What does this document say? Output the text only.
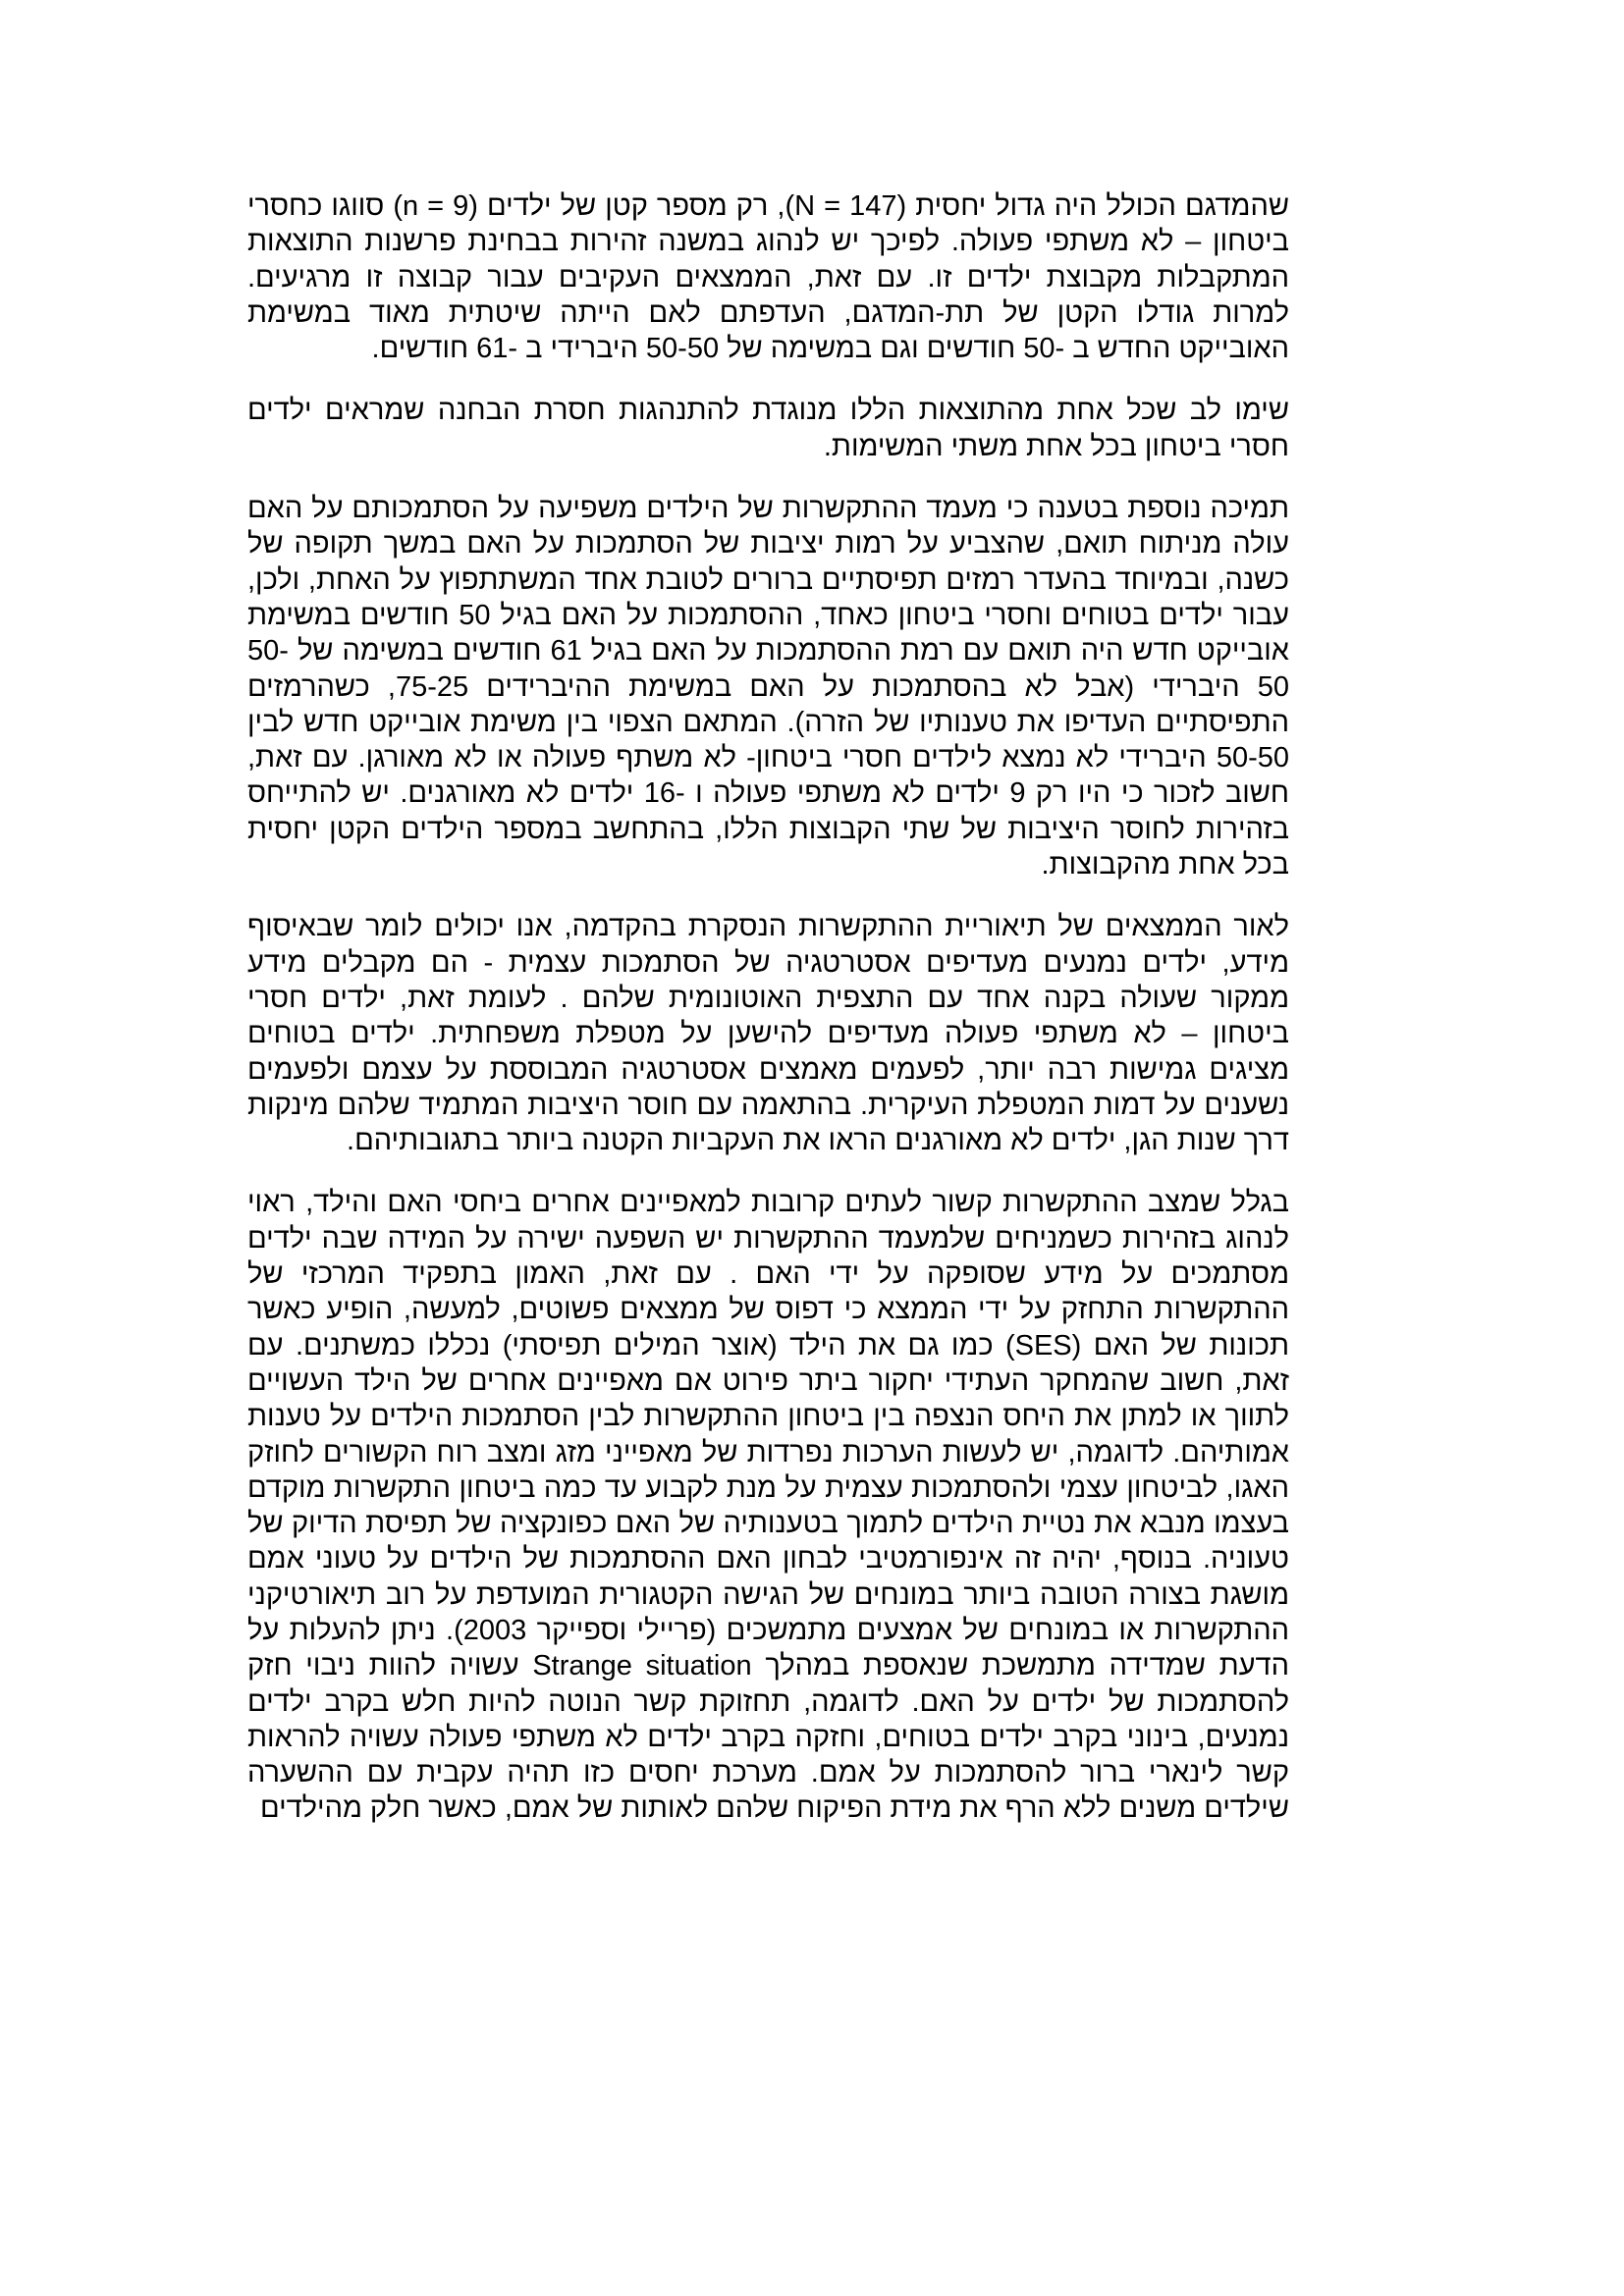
שהמדגם הכולל היה גדול יחסית (N = 147), רק מספר קטן של ילדים (n = 9) סווגו כחסרי ביטחון – לא משתפי פעולה. לפיכך יש לנהוג במשנה זהירות בבחינת פרשנות התוצאות המתקבלות מקבוצת ילדים זו. עם זאת, הממצאים העקיבים עבור קבוצה זו מרגיעים. למרות גודלו הקטן של תת-המדגם, העדפתם לאם הייתה שיטתית מאוד במשימת האובייקט החדש ב -50 חודשים וגם במשימה של 50-50 היברידי ב -61 חודשים.

שימו לב שכל אחת מהתוצאות הללו מנוגדת להתנהגות חסרת הבחנה שמראים ילדים חסרי ביטחון בכל אחת משתי המשימות.

תמיכה נוספת בטענה כי מעמד ההתקשרות של הילדים משפיעה על הסתמכותם על האם עולה מניתוח תואם, שהצביע על רמות יציבות של הסתמכות על האם במשך תקופה של כשנה, ובמיוחד בהעדר רמזים תפיסתיים ברורים לטובת אחד המשתתפוץ על האחת, ולכן, עבור ילדים בטוחים וחסרי ביטחון כאחד, ההסתמכות על האם בגיל 50 חודשים במשימת אובייקט חדש היה תואם עם רמת ההסתמכות על האם בגיל 61 חודשים במשימה של -50 50 היברידי (אבל לא בהסתמכות על האם במשימת ההיברידים 75-25, כשהרמזים התפיסתיים העדיפו את טענותיו של הזרה). המתאם הצפוי בין משימת אובייקט חדש לבין 50-50 היברידי לא נמצא לילדים חסרי ביטחון- לא משתף פעולה או לא מאורגן. עם זאת, חשוב לזכור כי היו רק 9 ילדים לא משתפי פעולה ו -16 ילדים לא מאורגנים. יש להתייחס בזהירות לחוסר היציבות של שתי הקבוצות הללו, בהתחשב במספר הילדים הקטן יחסית בכל אחת מהקבוצות.

לאור הממצאים של תיאוריית ההתקשרות הנסקרת בהקדמה, אנו יכולים לומר שבאיסוף מידע, ילדים נמנעים מעדיפים אסטרטגיה של הסתמכות עצמית - הם מקבלים מידע ממקור שעולה בקנה אחד עם התצפית האוטונומית שלהם . לעומת זאת, ילדים חסרי ביטחון – לא משתפי פעולה מעדיפים להישען על מטפלת משפחתית. ילדים בטוחים מציגים גמישות רבה יותר, לפעמים מאמצים אסטרטגיה המבוססת על עצמם ולפעמים נשענים על דמות המטפלת העיקרית. בהתאמה עם חוסר היציבות המתמיד שלהם מינקות דרך שנות הגן, ילדים לא מאורגנים הראו את העקביות הקטנה ביותר בתגובותיהם.

בגלל שמצב ההתקשרות קשור לעתים קרובות למאפיינים אחרים ביחסי האם והילד, ראוי לנהוג בזהירות כשמניחים שלמעמד ההתקשרות יש השפעה ישירה על המידה שבה ילדים מסתמכים על מידע שסופקה על ידי האם . עם זאת, האמון בתפקיד המרכזי של ההתקשרות התחזק על ידי הממצא כי דפוס של ממצאים פשוטים, למעשה, הופיע כאשר תכונות של האם (SES) כמו גם את הילד (אוצר המילים תפיסתי) נכללו כמשתנים. עם זאת, חשוב שהמחקר העתידי יחקור ביתר פירוט אם מאפיינים אחרים של הילד העשויים לתווך או למתן את היחס הנצפה בין ביטחון ההתקשרות לבין הסתמכות הילדים על טענות אמותיהם. לדוגמה, יש לעשות הערכות נפרדות של מאפייני מזג ומצב רוח הקשורים לחוזק האגו, לביטחון עצמי ולהסתמכות עצמית על מנת לקבוע עד כמה ביטחון התקשרות מוקדם בעצמו מנבא את נטיית הילדים לתמוך בטענותיה של האם כפונקציה של תפיסת הדיוק של טעוניה. בנוסף, יהיה זה אינפורמטיבי לבחון האם ההסתמכות של הילדים על טעוני אמם מושגת בצורה הטובה ביותר במונחים של הגישה הקטגורית המועדפת על רוב תיאורטיקני ההתקשרות או במונחים של אמצעים מתמשכים (פריילי וספייקר 2003). ניתן להעלות על הדעת שמדידה מתמשכת שנאספת במהלך Strange situation עשויה להוות ניבוי חזק להסתמכות של ילדים על האם. לדוגמה, תחזוקת קשר הנוטה להיות חלש בקרב ילדים נמנעים, בינוני בקרב ילדים בטוחים, וחזקה בקרב ילדים לא משתפי פעולה עשויה להראות קשר לינארי ברור להסתמכות על אמם. מערכת יחסים כזו תהיה עקבית עם ההשערה שילדים משנים ללא הרף את מידת הפיקוח שלהם לאותות של אמם, כאשר חלק מהילדים
